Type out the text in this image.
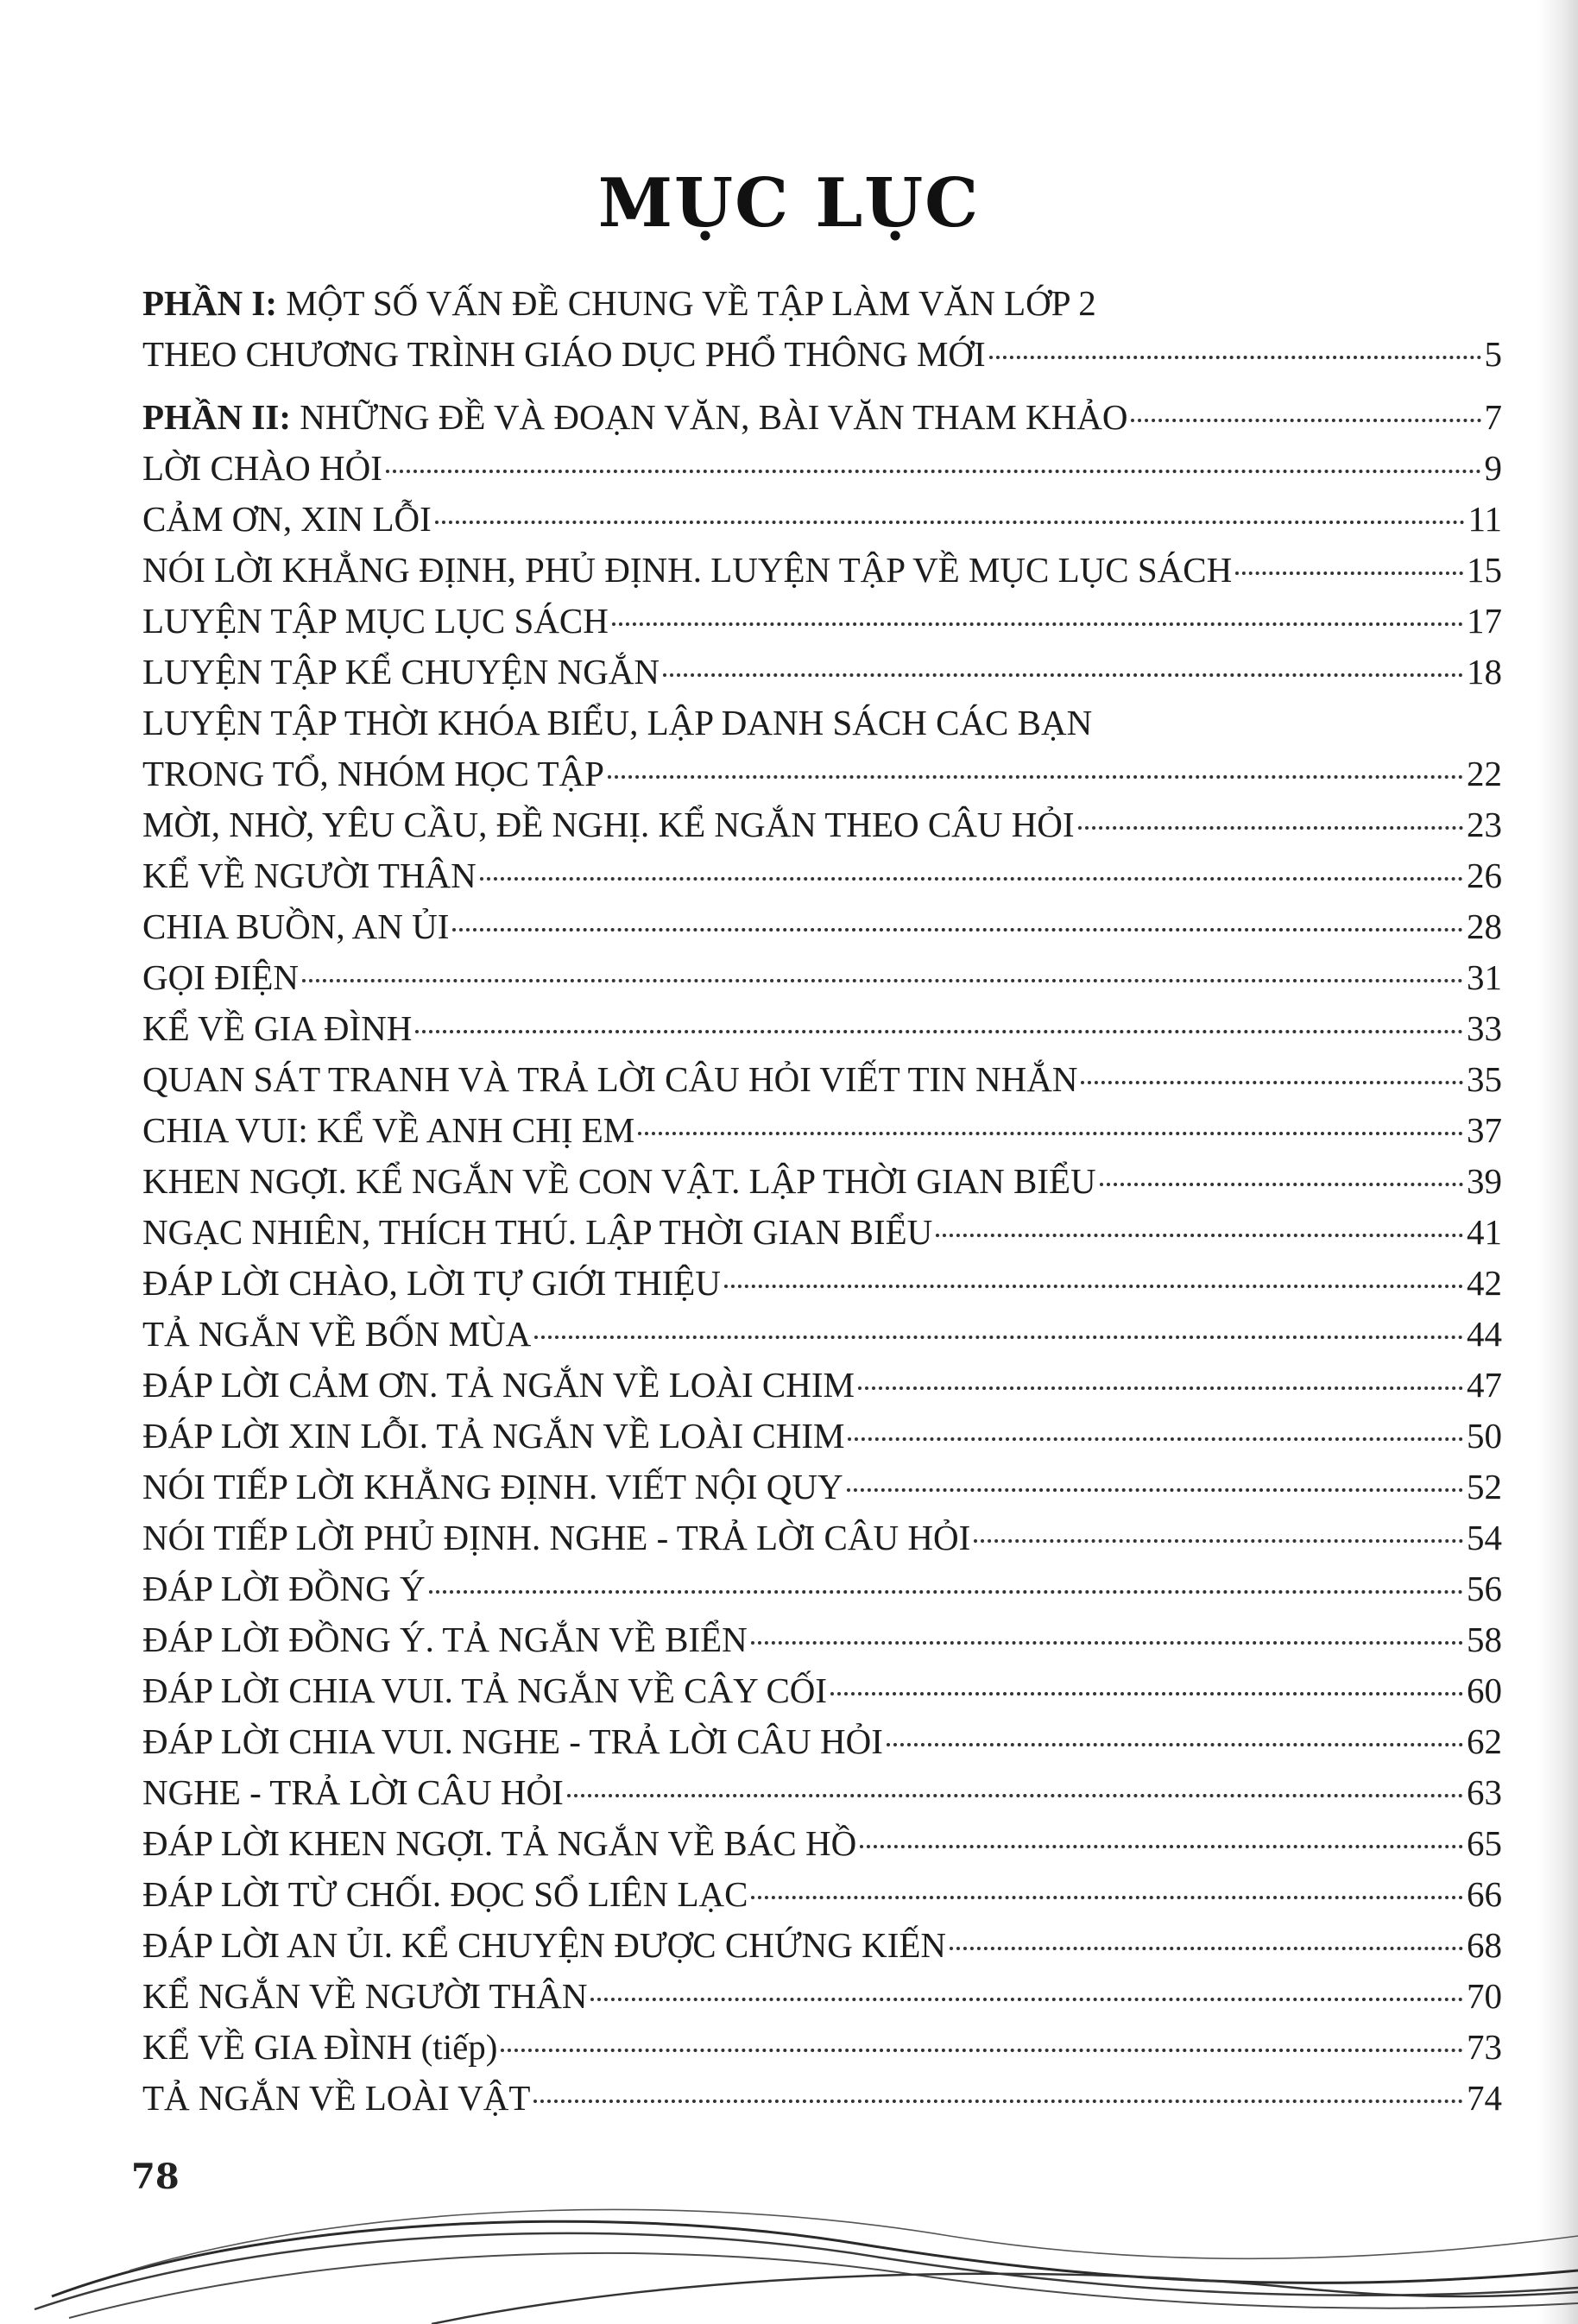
MỤC LỤC
PHẦN I: MỘT SỐ VẤN ĐỀ CHUNG VỀ TẬP LÀM VĂN LỚP 2
THEO CHƯƠNG TRÌNH GIÁO DỤC PHỔ THÔNG MỚI	5
PHẦN II: NHỮNG ĐỀ VÀ ĐOẠN VĂN, BÀI VĂN THAM KHẢO	7
LỜI CHÀO HỎI	9
CẢM ƠN, XIN LỖI	11
NÓI LỜI KHẲNG ĐỊNH, PHỦ ĐỊNH. LUYỆN TẬP VỀ MỤC LỤC SÁCH	15
LUYỆN TẬP MỤC LỤC SÁCH	17
LUYỆN TẬP KỂ CHUYỆN NGẮN	18
LUYỆN TẬP THỜI KHÓA BIỂU, LẬP DANH SÁCH CÁC BẠN
TRONG TỔ, NHÓM HỌC TẬP	22
MỜI, NHỜ, YÊU CẦU, ĐỀ NGHỊ. KỂ NGẮN THEO CÂU HỎI	23
KỂ VỀ NGƯỜI THÂN	26
CHIA BUỒN, AN ỦI	28
GỌI ĐIỆN	31
KỂ VỀ GIA ĐÌNH	33
QUAN SÁT TRANH VÀ TRẢ LỜI CÂU HỎI VIẾT TIN NHẮN	35
CHIA VUI: KỂ VỀ ANH CHỊ EM	37
KHEN NGỢI. KỂ NGẮN VỀ CON VẬT. LẬP THỜI GIAN BIỂU	39
NGẠC NHIÊN, THÍCH THÚ. LẬP THỜI GIAN BIỂU	41
ĐÁP LỜI CHÀO, LỜI TỰ GIỚI THIỆU	42
TẢ NGẮN VỀ BỐN MÙA	44
ĐÁP LỜI CẢM ƠN. TẢ NGẮN VỀ LOÀI CHIM	47
ĐÁP LỜI XIN LỖI. TẢ NGẮN VỀ LOÀI CHIM	50
NÓI TIẾP LỜI KHẲNG ĐỊNH. VIẾT NỘI QUY	52
NÓI TIẾP LỜI PHỦ ĐỊNH. NGHE - TRẢ LỜI CÂU HỎI	54
ĐÁP LỜI ĐỒNG Ý	56
ĐÁP LỜI ĐỒNG Ý. TẢ NGẮN VỀ BIỂN	58
ĐÁP LỜI CHIA VUI. TẢ NGẮN VỀ CÂY CỐI	60
ĐÁP LỜI CHIA VUI. NGHE - TRẢ LỜI CÂU HỎI	62
NGHE - TRẢ LỜI CÂU HỎI	63
ĐÁP LỜI KHEN NGỢI. TẢ NGẮN VỀ BÁC HỒ	65
ĐÁP LỜI TỪ CHỐI. ĐỌC SỔ LIÊN LẠC	66
ĐÁP LỜI AN ỦI. KỂ CHUYỆN ĐƯỢC CHỨNG KIẾN	68
KỂ NGẮN VỀ NGƯỜI THÂN	70
KỂ VỀ GIA ĐÌNH (tiếp)	73
TẢ NGẮN VỀ LOÀI VẬT	74
78
